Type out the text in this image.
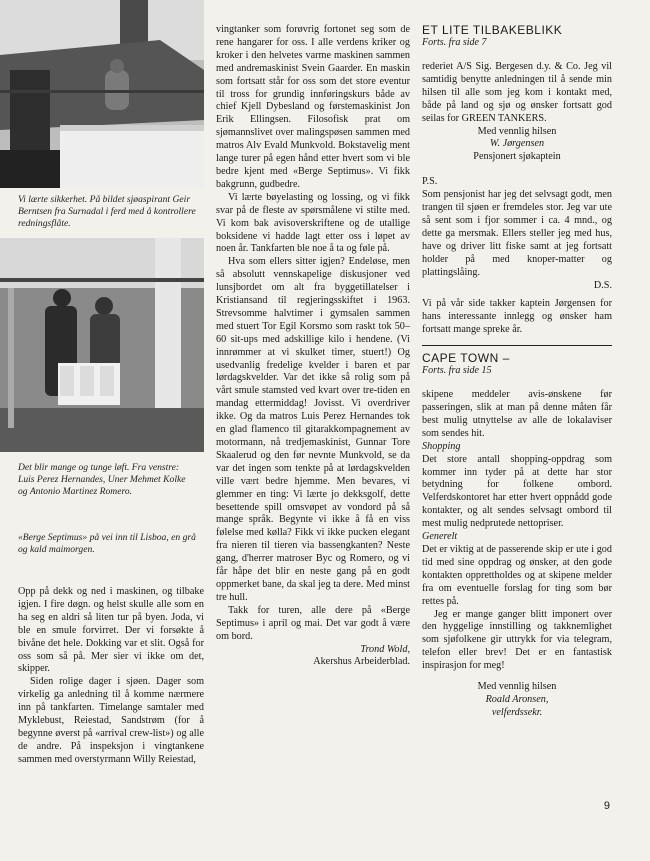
Vi lærte sikkerhet. På bildet sjøaspirant Geir Berntsen fra Surnadal i ferd med å kontrollere redningsflåte.
Det blir mange og tunge løft. Fra venstre: Luis Perez Hernandes, Uner Mehmet Kolke og Antonio Martinez Romero.
«Berge Septimus» på vei inn til Lisboa, en grå og kald maimorgen.

Opp på dekk og ned i maskinen, og tilbake igjen. I fire døgn. og helst skulle alle som en ha seg en aldri så liten tur på byen. Joda, vi ble en smule forvirret. Der vi forsøkte å bivåne det hele. Dokking var et slit. Også for oss som så på. Mer sier vi ikke om det, skipper.

Siden rolige dager i sjøen. Dager som virkelig ga anledning til å komme nærmere inn på tankfarten. Timelange samtaler med Myklebust, Reiestad, Sandstrøm (for å begynne øverst på «arrival crew-list») og alle de andre. På inspeksjon i vingtankene sammen med overstyrmann Willy Reiestad,

vingtanker som forøvrig fortonet seg som de rene hangarer for oss. I alle verdens kriker og kroker i den helvetes varme maskinen sammen med andremaskinist Svein Gaarder. En maskin som fortsatt står for oss som det store eventur til tross for grundig innføringskurs både av chief Kjell Dybesland og førstemaskinist Jon Erik Ellingsen. Filosofisk prat om sjømannslivet over malingspøsen sammen med matros Alv Evald Munkvold. Bokstavelig ment lange turer på egen hånd etter hvert som vi ble bedre kjent med «Berge Septimus». Vi fikk bakgrunn, gudbedre.

Vi lærte bøyelasting og lossing, og vi fikk svar på de fleste av spørsmålene vi stilte med. Vi kom bak avisoverskriftene og de utallige boksidene vi hadde lagt etter oss i løpet av noen år. Tankfarten ble noe å ta og føle på.

Hva som ellers sitter igjen? Endeløse, men så absolutt vennskapelige diskusjoner ved lunsjbordet om alt fra byggetillatelser i Kristiansand til regjeringsskiftet i 1963. Strevsomme halvtimer i gymsalen sammen med stuert Tor Egil Korsmo som raskt tok 50–60 sit-ups med adskillige kilo i hendene. (Vi innrømmer at vi skulket timer, stuert!) Og usedvanlig fredelige kvelder i baren et par lørdagskvelder. Var det ikke så rolig som på vårt smule stamsted ved kvart over tre-tiden en mandag ettermiddag! Jovisst. Vi overdriver ikke. Og da matros Luis Perez Hernandes tok en glad flamenco til gitarakkompagnement av motormann, nå tredjemaskinist, Gunnar Tore Skaalerud og den før nevnte Munkvold, se da var det ingen som tenkte på at lørdagskvelden ville vært bedre hjemme. Men bevares, vi glemmer en ting: Vi lærte jo dekksgolf, dette besettende spill omsvøpet av vondord på så mange språk. Begynte vi ikke å få en viss følelse med kølla? Fikk vi ikke pucken elegant fra nieren til tieren via bassengkanten? Neste gang, d'herrer matroser Byc og Romero, og vi får håpe det blir en neste gang på en godt oppmerket bane, da skal jeg ta dere. Med minst tre hull.

Takk for turen, alle dere på «Berge Septimus» i april og mai. Det var godt å være om bord.

Trond Wold,
Akershus Arbeiderblad.
ET LITE TILBAKEBLIKK
Forts. fra side 7

rederiet A/S Sig. Bergesen d.y. & Co. Jeg vil samtidig benytte anledningen til å sende min hilsen til alle som jeg kom i kontakt med, både på land og sjø og ønsker fortsatt god seilas for GREEN TANKERS.

Med vennlig hilsen
W. Jørgensen
Pensjonert sjøkaptein
P.S.

Som pensjonist har jeg det selvsagt godt, men trangen til sjøen er fremdeles stor. Jeg var ute så sent som i fjor sommer i ca. 4 mnd., og dette ga mersmak. Ellers steller jeg med hus, have og driver litt fiske samt at jeg fortsatt holder på med knoper-matter og plattingslåing.

D.S.

Vi på vår side takker kaptein Jørgensen for hans interessante innlegg og ønsker ham fortsatt mange spreke år.

CAPE TOWN –
Forts. fra side 15

skipene meddeler avis-ønskene før passeringen, slik at man på denne måten får best mulig utnyttelse av alle de lokalaviser som sendes hit.

Shopping

Det store antall shopping-oppdrag som kommer inn tyder på at dette har stor betydning for folkene ombord. Velferdskontoret har etter hvert oppnådd gode kontakter, og alt sendes selvsagt ombord til mest mulig nedprutede nettopriser.

Generelt

Det er viktig at de passerende skip er ute i god tid med sine oppdrag og ønsker, at den gode kontakten opprettholdes og at skipene melder fra om eventuelle forslag for ting som bør rettes på.

Jeg er mange ganger blitt imponert over den hyggelige innstilling og takknemlighet som sjøfolkene gir uttrykk for via telegram, telefon eller brev! Det er en fantastisk inspirasjon for meg!

Med vennlig hilsen
Roald Aronsen,
velferdssekr.
9
